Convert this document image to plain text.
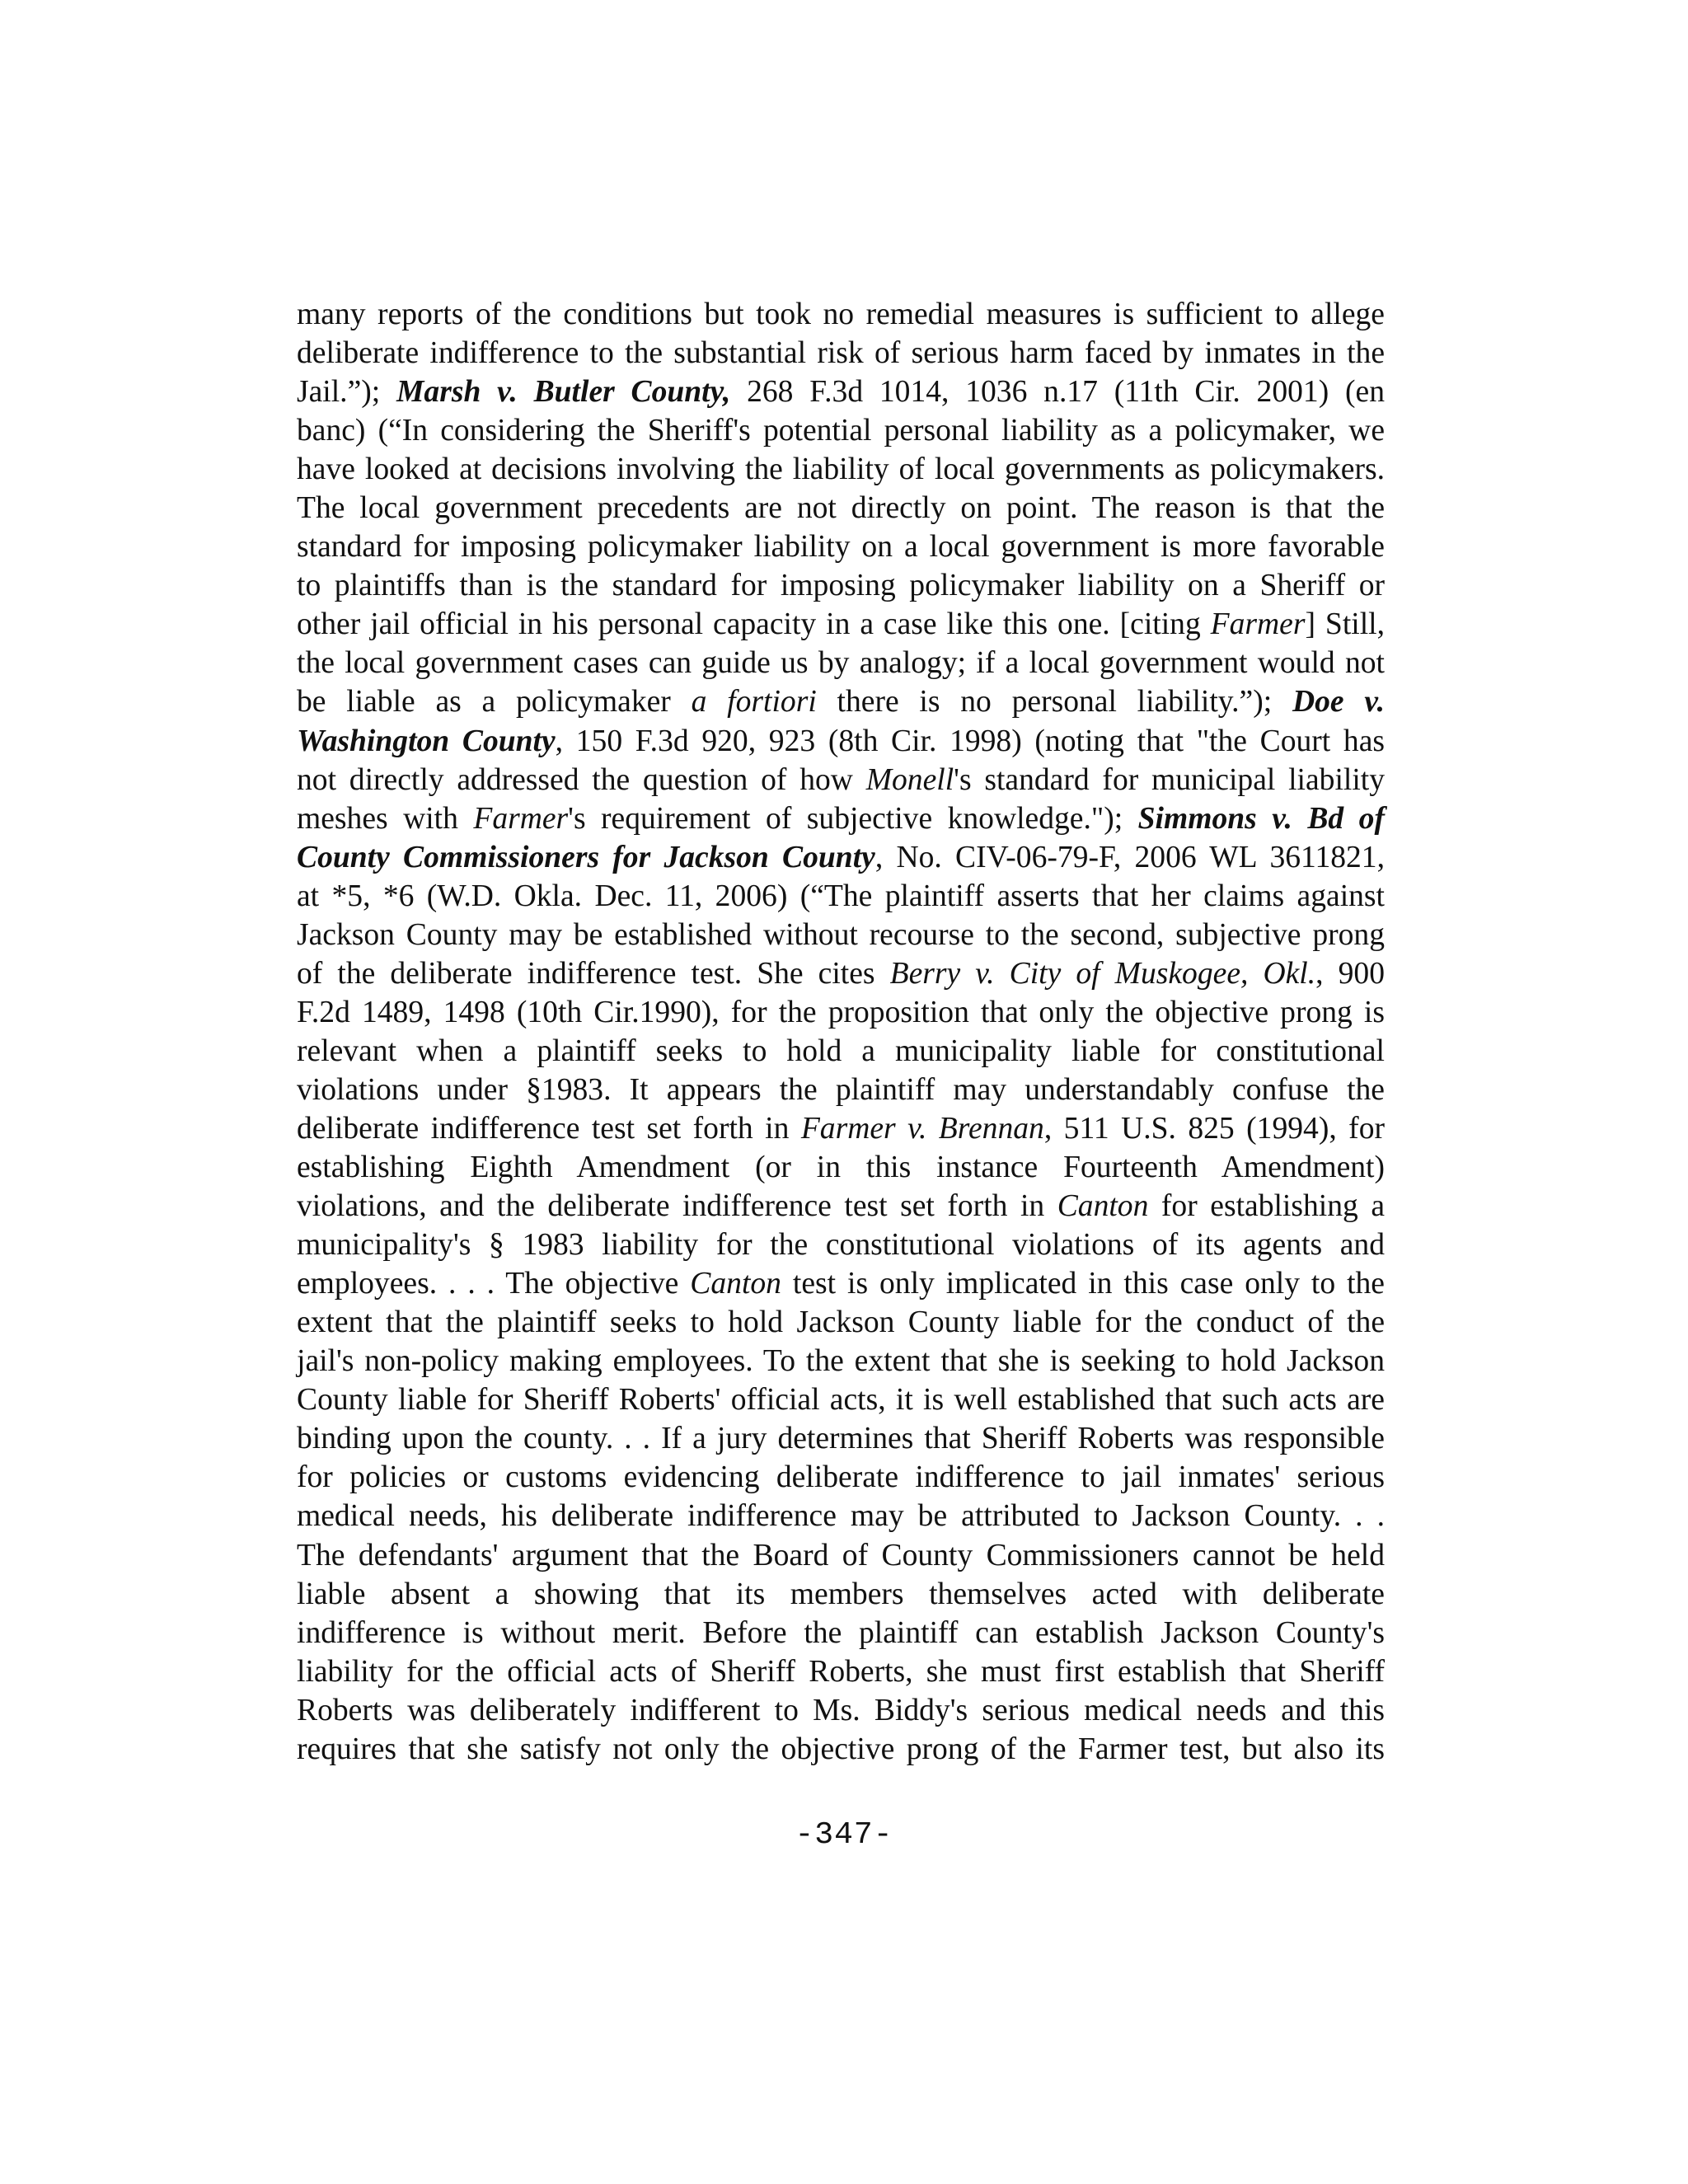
many reports of the conditions but took no remedial measures is sufficient to allege
deliberate indifference to the substantial risk of serious harm faced by inmates in the
Jail.”); Marsh v. Butler County, 268 F.3d 1014, 1036 n.17 (11th Cir. 2001) (en
banc) (“In considering the Sheriff's potential personal liability as a policymaker, we
have looked at decisions involving the liability of local governments as policymakers.
The local government precedents are not directly on point. The reason is that the
standard for imposing policymaker liability on a local government is more favorable
to plaintiffs than is the standard for imposing policymaker liability on a Sheriff or
other jail official in his personal capacity in a case like this one. [citing Farmer] Still,
the local government cases can guide us by analogy; if a local government would not
be liable as a policymaker a fortiori there is no personal liability.”); Doe v.
Washington County, 150 F.3d 920, 923 (8th Cir. 1998) (noting that "the Court has
not directly addressed the question of how Monell's standard for municipal liability
meshes with Farmer's requirement of subjective knowledge."); Simmons v. Bd of
County Commissioners for Jackson County, No. CIV-06-79-F, 2006 WL 3611821,
at *5, *6 (W.D. Okla. Dec. 11, 2006) (“The plaintiff asserts that her claims against
Jackson County may be established without recourse to the second, subjective prong
of the deliberate indifference test. She cites Berry v. City of Muskogee, Okl., 900
F.2d 1489, 1498 (10th Cir.1990), for the proposition that only the objective prong is
relevant when a plaintiff seeks to hold a municipality liable for constitutional
violations under §1983. It appears the plaintiff may understandably confuse the
deliberate indifference test set forth in Farmer v. Brennan, 511 U.S. 825 (1994), for
establishing Eighth Amendment (or in this instance Fourteenth Amendment)
violations, and the deliberate indifference test set forth in Canton for establishing a
municipality's § 1983 liability for the constitutional violations of its agents and
employees. . . . The objective Canton test is only implicated in this case only to the
extent that the plaintiff seeks to hold Jackson County liable for the conduct of the
jail's non-policy making employees. To the extent that she is seeking to hold Jackson
County liable for Sheriff Roberts' official acts, it is well established that such acts are
binding upon the county. . . If a jury determines that Sheriff Roberts was responsible
for policies or customs evidencing deliberate indifference to jail inmates' serious
medical needs, his deliberate indifference may be attributed to Jackson County. . .
The defendants' argument that the Board of County Commissioners cannot be held
liable absent a showing that its members themselves acted with deliberate
indifference is without merit. Before the plaintiff can establish Jackson County's
liability for the official acts of Sheriff Roberts, she must first establish that Sheriff
Roberts was deliberately indifferent to Ms. Biddy's serious medical needs and this
requires that she satisfy not only the objective prong of the Farmer test, but also its
-347-
